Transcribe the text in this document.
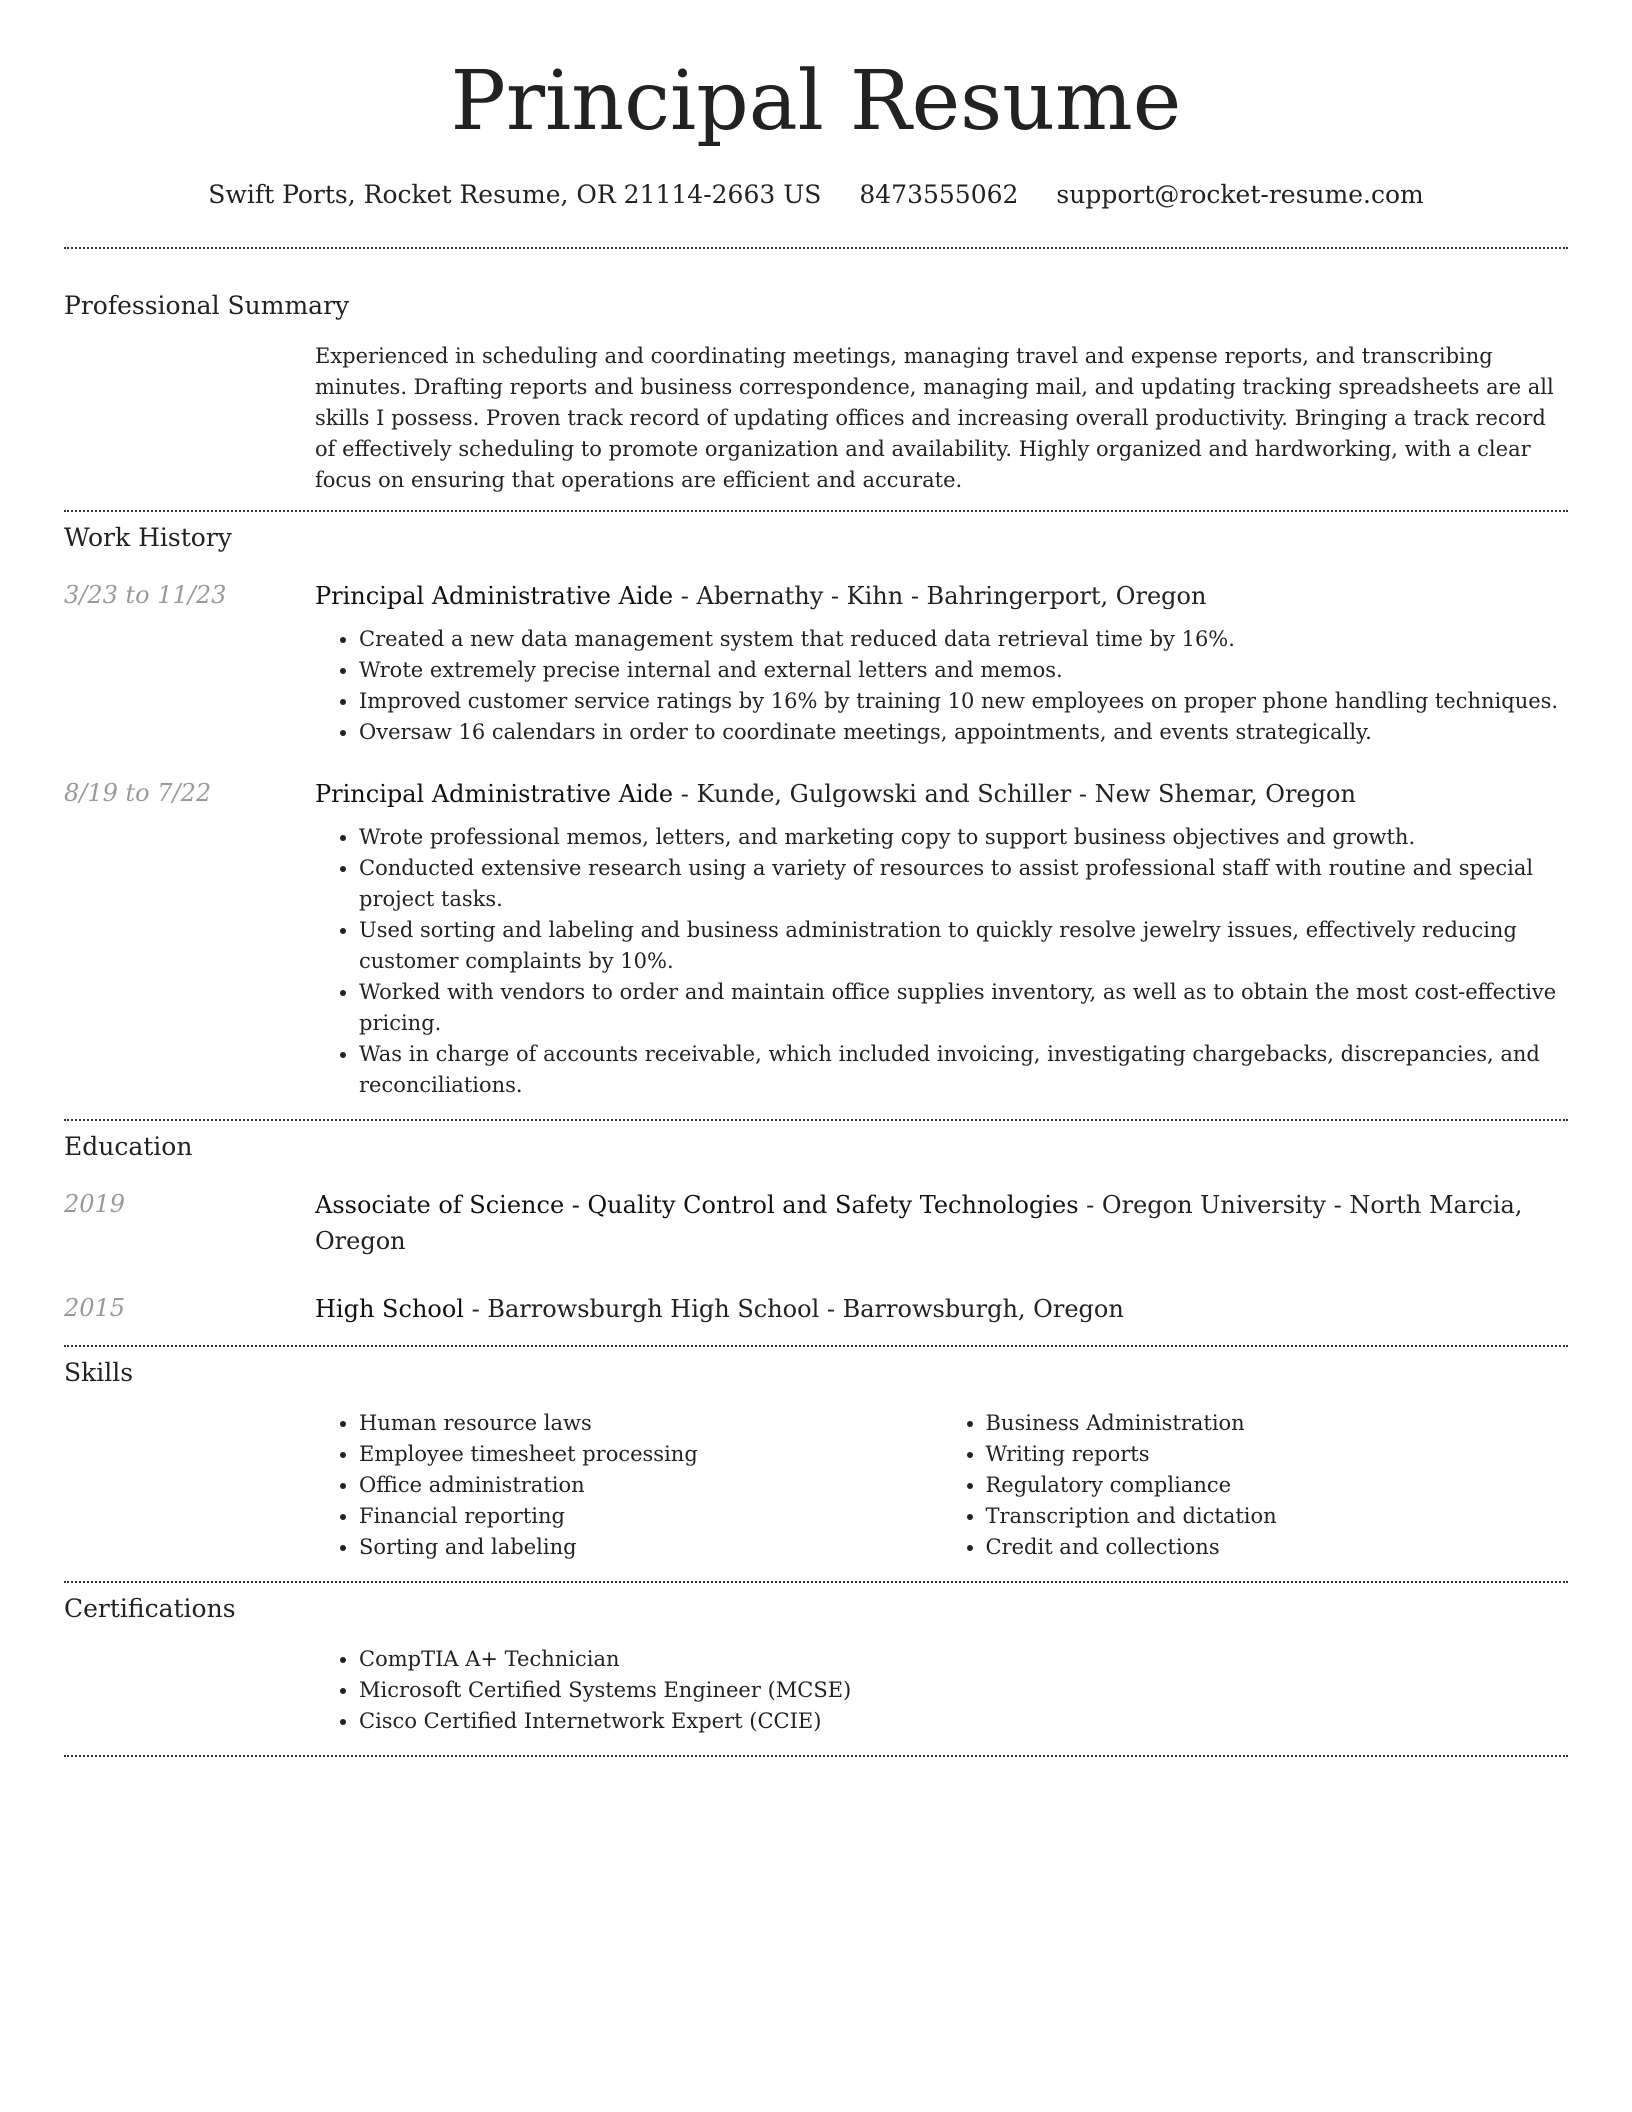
Principal Resume
Swift Ports, Rocket Resume, OR 21114-2663 US 8473555062 support@rocket-resume.com
Professional Summary

Experienced in scheduling and coordinating meetings, managing travel and expense reports, and transcribing minutes. Drafting reports and business correspondence, managing mail, and updating tracking spreadsheets are all skills I possess. Proven track record of updating offices and increasing overall productivity. Bringing a track record of effectively scheduling to promote organization and availability. Highly organized and hardworking, with a clear focus on ensuring that operations are efficient and accurate.

Work History
3/23 to 11/23	Principal Administrative Aide - Abernathy - Kihn - Bahringerport, Oregon
• Created a new data management system that reduced data retrieval time by 16%.
• Wrote extremely precise internal and external letters and memos.
• Improved customer service ratings by 16% by training 10 new employees on proper phone handling techniques.
• Oversaw 16 calendars in order to coordinate meetings, appointments, and events strategically.
8/19 to 7/22	Principal Administrative Aide - Kunde, Gulgowski and Schiller - New Shemar, Oregon
• Wrote professional memos, letters, and marketing copy to support business objectives and growth.
• Conducted extensive research using a variety of resources to assist professional staff with routine and special project tasks.
• Used sorting and labeling and business administration to quickly resolve jewelry issues, effectively reducing customer complaints by 10%.
• Worked with vendors to order and maintain office supplies inventory, as well as to obtain the most cost-effective pricing.
• Was in charge of accounts receivable, which included invoicing, investigating chargebacks, discrepancies, and reconciliations.
Education
2019	Associate of Science - Quality Control and Safety Technologies - Oregon University - North Marcia, Oregon
2015	High School - Barrowsburgh High School - Barrowsburgh, Oregon
Skills
• Human resource laws
• Employee timesheet processing
• Office administration
• Financial reporting
• Sorting and labeling
• Business Administration
• Writing reports
• Regulatory compliance
• Transcription and dictation
• Credit and collections
Certifications
• CompTIA A+ Technician
• Microsoft Certified Systems Engineer (MCSE)
• Cisco Certified Internetwork Expert (CCIE)
